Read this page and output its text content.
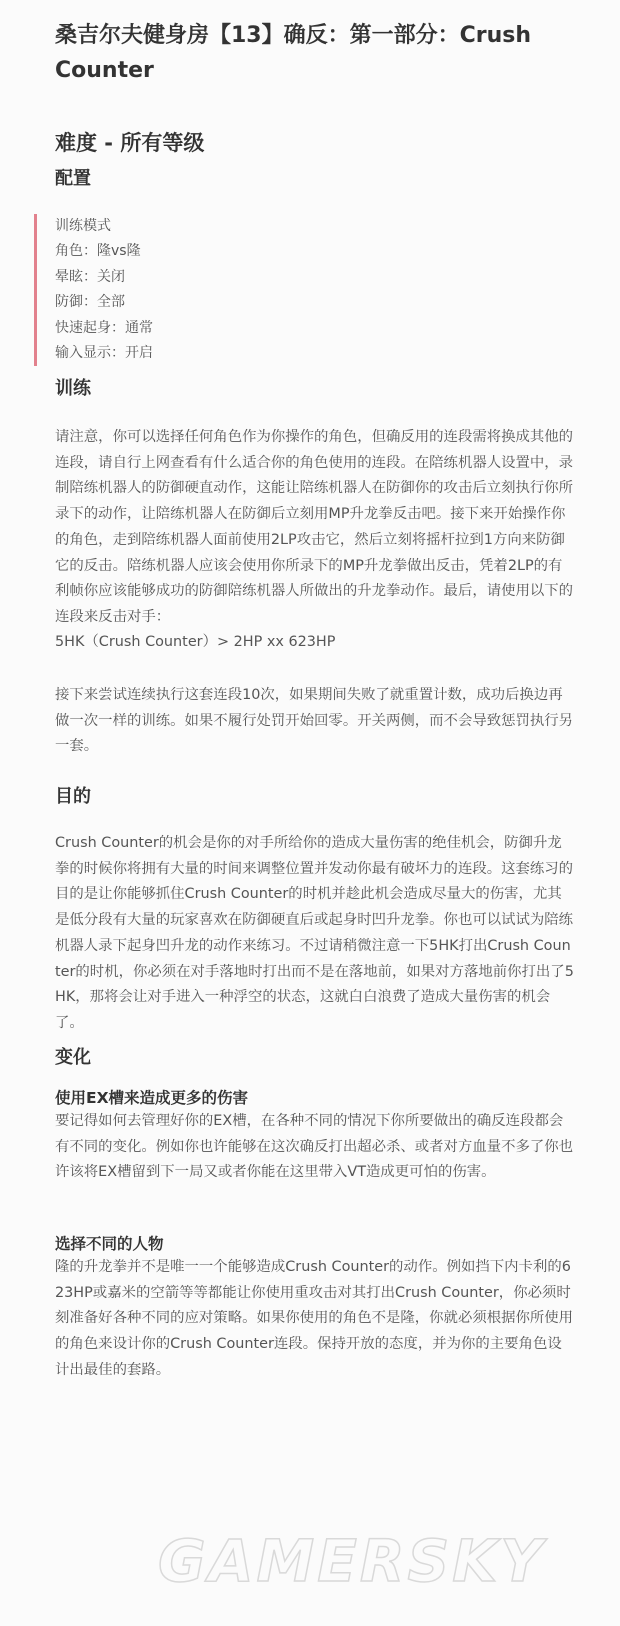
桑吉尔夫健身房【13】确反：第一部分：Crush Counter
难度 - 所有等级
配置
训练模式
角色：隆vs隆
晕眩：关闭
防御：全部
快速起身：通常
输入显示：开启
训练

请注意，你可以选择任何角色作为你操作的角色，但确反用的连段需将换成其他的连段，请自行上网查看有什么适合你的角色使用的连段。在陪练机器人设置中，录制陪练机器人的防御硬直动作，这能让陪练机器人在防御你的攻击后立刻执行你所录下的动作，让陪练机器人在防御后立刻用MP升龙拳反击吧。接下来开始操作你的角色，走到陪练机器人面前使用2LP攻击它，然后立刻将摇杆拉到1方向来防御它的反击。陪练机器人应该会使用你所录下的MP升龙拳做出反击，凭着2LP的有利帧你应该能够成功的防御陪练机器人所做出的升龙拳动作。最后，请使用以下的连段来反击对手：

5HK（Crush Counter）> 2HP xx 623HP

接下来尝试连续执行这套连段10次，如果期间失败了就重置计数，成功后换边再做一次一样的训练。如果不履行处罚开始回零。开关两侧，而不会导致惩罚执行另一套。

目的

Crush Counter的机会是你的对手所给你的造成大量伤害的绝佳机会，防御升龙拳的时候你将拥有大量的时间来调整位置并发动你最有破坏力的连段。这套练习的目的是让你能够抓住Crush Counter的时机并趁此机会造成尽量大的伤害，尤其是低分段有大量的玩家喜欢在防御硬直后或起身时凹升龙拳。你也可以试试为陪练机器人录下起身凹升龙的动作来练习。不过请稍微注意一下5HK打出Crush Counter的时机，你必须在对手落地时打出而不是在落地前，如果对方落地前你打出了5HK，那将会让对手进入一种浮空的状态，这就白白浪费了造成大量伤害的机会了。

变化
使用EX槽来造成更多的伤害

要记得如何去管理好你的EX槽，在各种不同的情况下你所要做出的确反连段都会有不同的变化。例如你也许能够在这次确反打出超必杀、或者对方血量不多了你也许该将EX槽留到下一局又或者你能在这里带入VT造成更可怕的伤害。

选择不同的人物

隆的升龙拳并不是唯一一个能够造成Crush Counter的动作。例如挡下内卡利的623HP或嘉米的空箭等等都能让你使用重攻击对其打出Crush Counter，你必须时刻准备好各种不同的应对策略。如果你使用的角色不是隆，你就必须根据你所使用的角色来设计你的Crush Counter连段。保持开放的态度，并为你的主要角色设计出最佳的套路。

GAMERSKY
